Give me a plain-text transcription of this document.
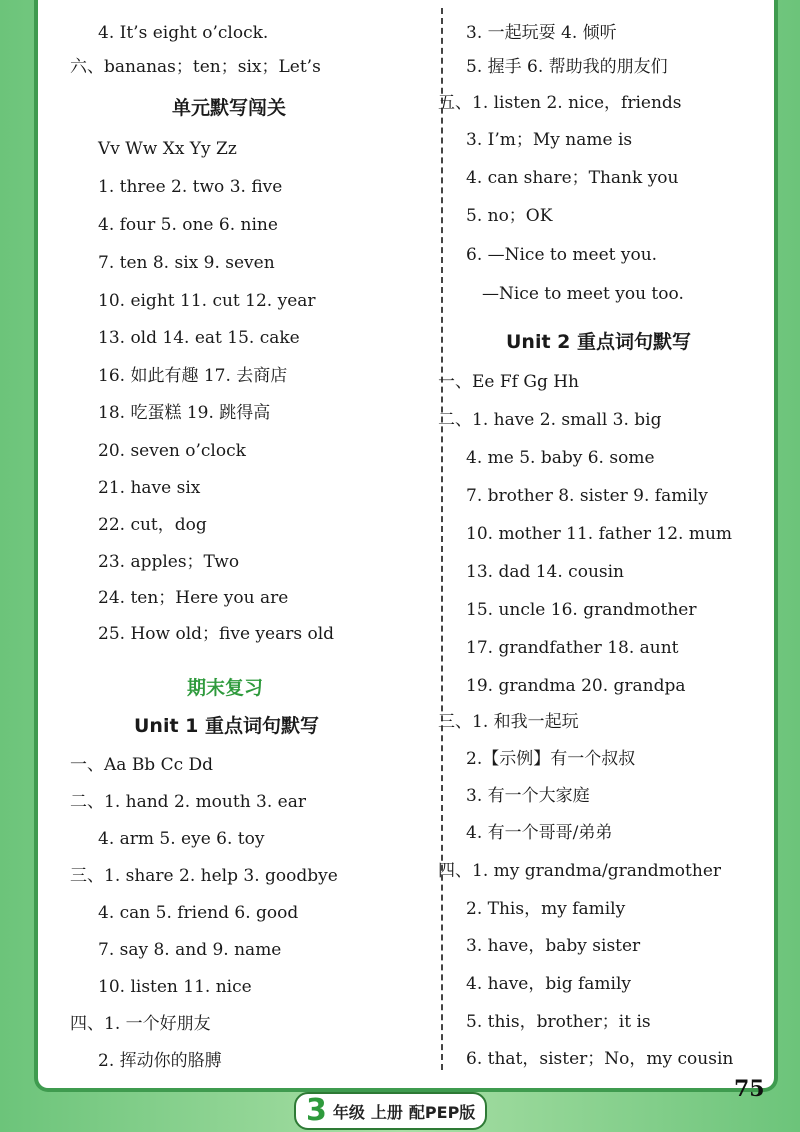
4. It’s eight o’clock.
六、bananas；ten；six；Let’s
单元默写闯关
Vv Ww Xx Yy Zz
1. three 2. two 3. five
4. four 5. one 6. nine
7. ten 8. six 9. seven
10. eight 11. cut 12. year
13. old 14. eat 15. cake
16. 如此有趣 17. 去商店
18. 吃蛋糕 19. 跳得高
20. seven o’clock
21. have six
22. cut，dog
23. apples；Two
24. ten；Here you are
25. How old；five years old
期末复习
Unit 1 重点词句默写
一、Aa Bb Cc Dd
二、1. hand 2. mouth 3. ear
4. arm 5. eye 6. toy
三、1. share 2. help 3. goodbye
4. can 5. friend 6. good
7. say 8. and 9. name
10. listen 11. nice
四、1. 一个好朋友
2. 挥动你的胳膊
3. 一起玩耍 4. 倾听
5. 握手 6. 帮助我的朋友们
五、1. listen 2. nice，friends
3. I’m；My name is
4. can share；Thank you
5. no；OK
6. —Nice to meet you.
—Nice to meet you too.
Unit 2 重点词句默写
一、Ee Ff Gg Hh
二、1. have 2. small 3. big
4. me 5. baby 6. some
7. brother 8. sister 9. family
10. mother 11. father 12. mum
13. dad 14. cousin
15. uncle 16. grandmother
17. grandfather 18. aunt
19. grandma 20. grandpa
三、1. 和我一起玩
2.【示例】有一个叔叔
3. 有一个大家庭
4. 有一个哥哥/弟弟
四、1. my grandma/grandmother
2. This，my family
3. have，baby sister
4. have，big family
5. this，brother；it is
6. that，sister；No，my cousin
3 年级 上册 配PEP版
75
